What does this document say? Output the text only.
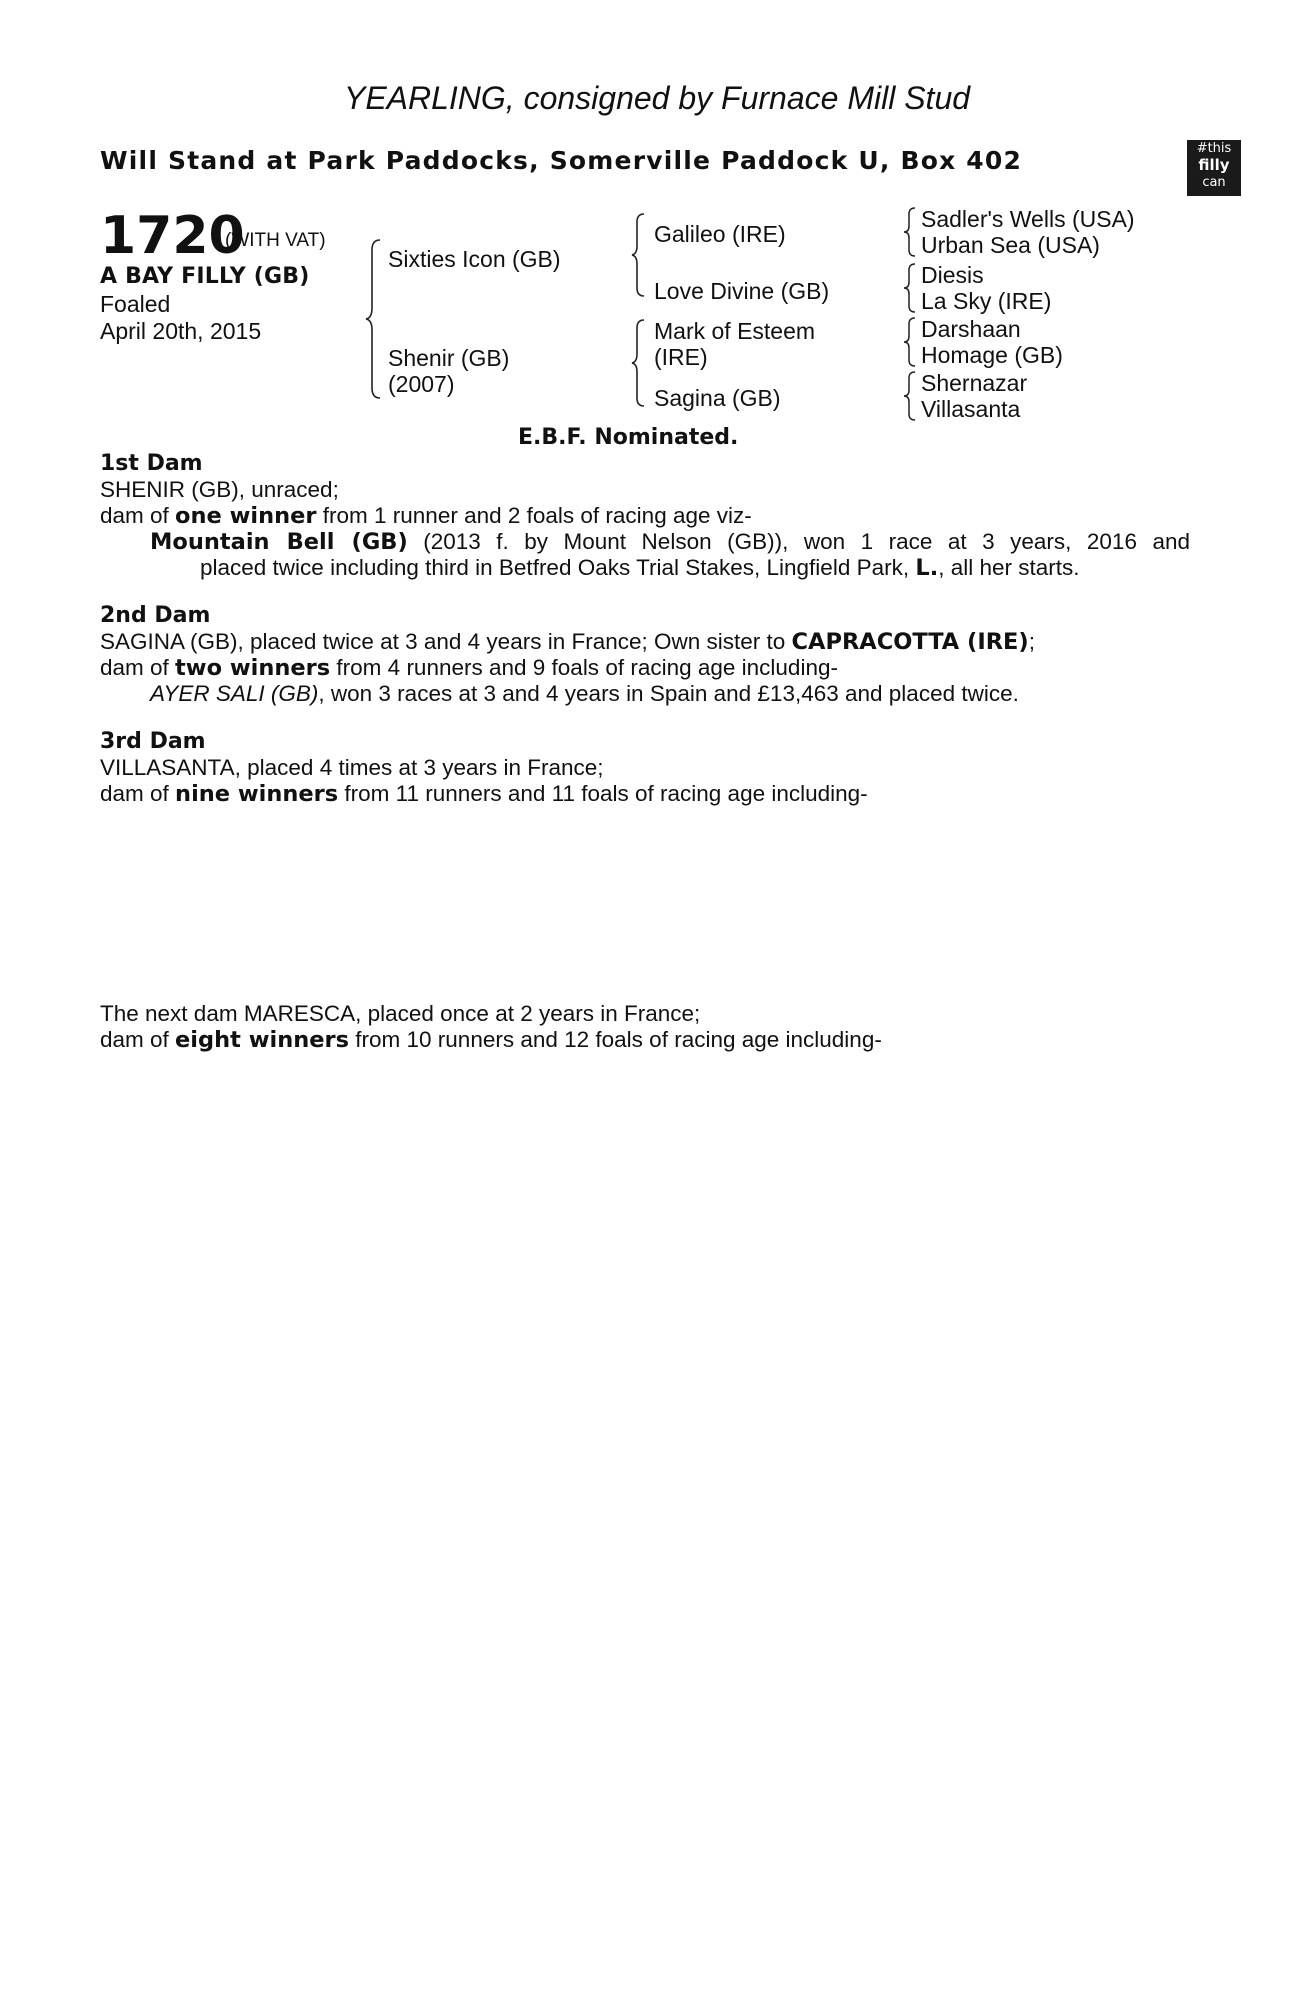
YEARLING, consigned by Furnace Mill Stud
Will Stand at Park Paddocks, Somerville Paddock U, Box 402	#this
filly
can
1720
(WITH VAT)
A BAY FILLY (GB)
Foaled
April 20th, 2015
Sixties Icon (GB)
Shenir (GB)
(2007)
Galileo (IRE)
Love Divine (GB)
Mark of Esteem
(IRE)
Sagina (GB)
Sadler's Wells (USA)
Urban Sea (USA)
Diesis
La Sky (IRE)
Darshaan
Homage (GB)
Shernazar
Villasanta
E.B.F. Nominated.
1st Dam
SHENIR (GB), unraced;
dam of one winner from 1 runner and 2 foals of racing age viz-
Mountain Bell (GB) (2013 f. by Mount Nelson (GB)), won 1 race at 3 years, 2016 and
placed twice including third in Betfred Oaks Trial Stakes, Lingfield Park, L., all her starts.
2nd Dam
SAGINA (GB), placed twice at 3 and 4 years in France; Own sister to CAPRACOTTA (IRE);
dam of two winners from 4 runners and 9 foals of racing age including-
AYER SALI (GB), won 3 races at 3 and 4 years in Spain and £13,463 and placed twice.
3rd Dam
VILLASANTA, placed 4 times at 3 years in France;
dam of nine winners from 11 runners and 11 foals of racing age including-
The next dam MARESCA, placed once at 2 years in France;
dam of eight winners from 10 runners and 12 foals of racing age including-
